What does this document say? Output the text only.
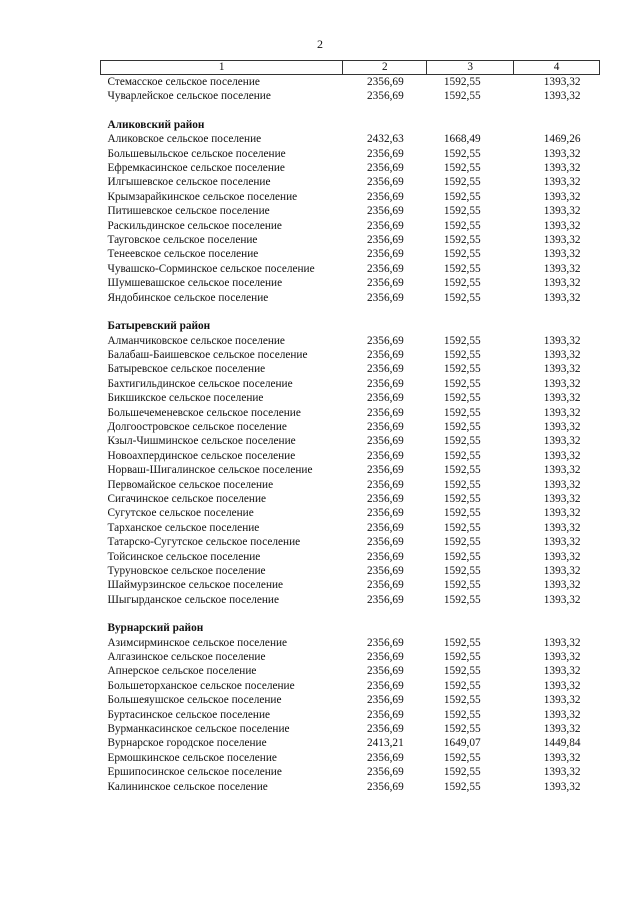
2
1	2	3	4
Стемасское сельское поселение	2356,69	1592,55	1393,32
Чуварлейское сельское поселение	2356,69	1592,55	1393,32
Аликовский район			
Аликовское сельское поселение	2432,63	1668,49	1469,26
Большевыльское сельское поселение	2356,69	1592,55	1393,32
Ефремкасинское сельское поселение	2356,69	1592,55	1393,32
Илгышевское сельское поселение	2356,69	1592,55	1393,32
Крымзарайкинское сельское поселение	2356,69	1592,55	1393,32
Питишевское сельское поселение	2356,69	1592,55	1393,32
Раскильдинское сельское поселение	2356,69	1592,55	1393,32
Тауговское сельское поселение	2356,69	1592,55	1393,32
Тенеевское сельское поселение	2356,69	1592,55	1393,32
Чувашско-Сорминское сельское поселение	2356,69	1592,55	1393,32
Шумшевашское сельское поселение	2356,69	1592,55	1393,32
Яндобинское сельское поселение	2356,69	1592,55	1393,32
Батыревский район			
Алманчиковское сельское поселение	2356,69	1592,55	1393,32
Балабаш-Баишевское сельское поселение	2356,69	1592,55	1393,32
Батыревское сельское поселение	2356,69	1592,55	1393,32
Бахтигильдинское сельское поселение	2356,69	1592,55	1393,32
Бикшикское сельское поселение	2356,69	1592,55	1393,32
Большечеменевское сельское поселение	2356,69	1592,55	1393,32
Долгоостровское сельское поселение	2356,69	1592,55	1393,32
Кзыл-Чишминское сельское поселение	2356,69	1592,55	1393,32
Новоахпердинское сельское поселение	2356,69	1592,55	1393,32
Норваш-Шигалинское сельское поселение	2356,69	1592,55	1393,32
Первомайское сельское поселение	2356,69	1592,55	1393,32
Сигачинское сельское поселение	2356,69	1592,55	1393,32
Сугутское сельское поселение	2356,69	1592,55	1393,32
Тарханское сельское поселение	2356,69	1592,55	1393,32
Татарско-Сугутское сельское поселение	2356,69	1592,55	1393,32
Тойсинское сельское поселение	2356,69	1592,55	1393,32
Туруновское сельское поселение	2356,69	1592,55	1393,32
Шаймурзинское сельское поселение	2356,69	1592,55	1393,32
Шыгырданское сельское поселение	2356,69	1592,55	1393,32
Вурнарский район			
Азимсирминское сельское поселение	2356,69	1592,55	1393,32
Алгазинское сельское поселение	2356,69	1592,55	1393,32
Апнерское сельское поселение	2356,69	1592,55	1393,32
Большеторханское сельское поселение	2356,69	1592,55	1393,32
Большеяушское сельское поселение	2356,69	1592,55	1393,32
Буртасинское сельское поселение	2356,69	1592,55	1393,32
Вурманкасинское сельское поселение	2356,69	1592,55	1393,32
Вурнарское городское поселение	2413,21	1649,07	1449,84
Ермошкинское сельское поселение	2356,69	1592,55	1393,32
Ершипосинское сельское поселение	2356,69	1592,55	1393,32
Калининское сельское поселение	2356,69	1592,55	1393,32
